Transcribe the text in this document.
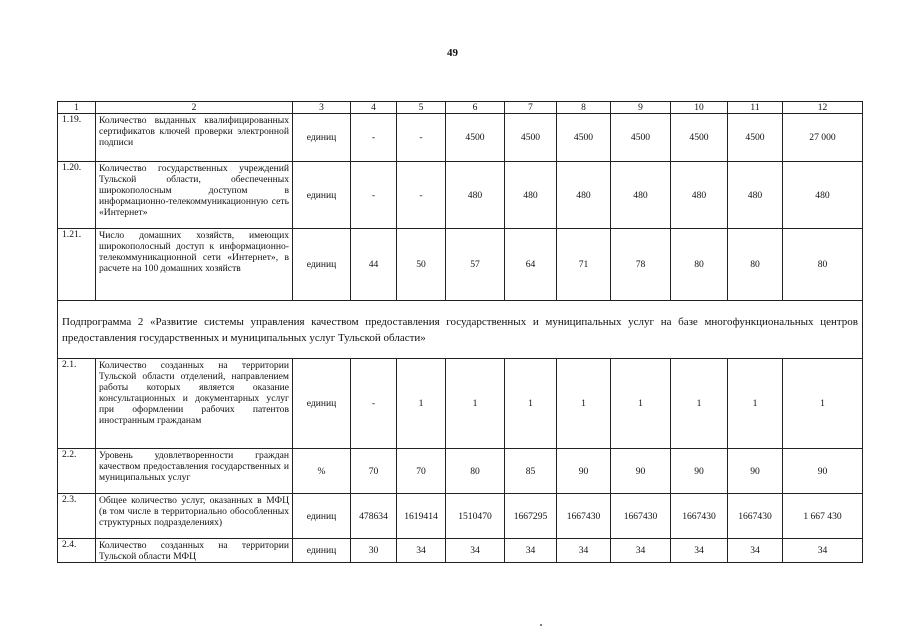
49
1	2	3	4	5	6	7	8	9	10	11	12
1.19.	Количество выданных квалифицированных сертификатов ключей проверки электронной подписи	единиц	-	-	4500	4500	4500	4500	4500	4500	27 000
1.20.	Количество государственных учреждений Тульской области, обеспеченных широкополосным доступом в информационно-телекоммуникационную сеть «Интернет»	единиц	-	-	480	480	480	480	480	480	480
1.21.	Число домашних хозяйств, имеющих широкополосный доступ к информационно-телекоммуникационной сети «Интернет», в расчете на 100 домашних хозяйств	единиц	44	50	57	64	71	78	80	80	80
Подпрограмма 2 «Развитие системы управления качеством предоставления государственных и муниципальных услуг на базе многофункциональных центров предоставления государственных и муниципальных услуг Тульской области»											
2.1.	Количество созданных на территории Тульской области отделений, направлением работы которых является оказание консультационных и документарных услуг при оформлении рабочих патентов иностранным гражданам	единиц	-	1	1	1	1	1	1	1	1
2.2.	Уровень удовлетворенности граждан качеством предоставления государственных и муниципальных услуг	%	70	70	80	85	90	90	90	90	90
2.3.	Общее количество услуг, оказанных в МФЦ (в том числе в территориально обособленных структурных подразделениях)	единиц	478634	1619414	1510470	1667295	1667430	1667430	1667430	1667430	1 667 430
2.4.	Количество созданных на территории Тульской области МФЦ	единиц	30	34	34	34	34	34	34	34	34
